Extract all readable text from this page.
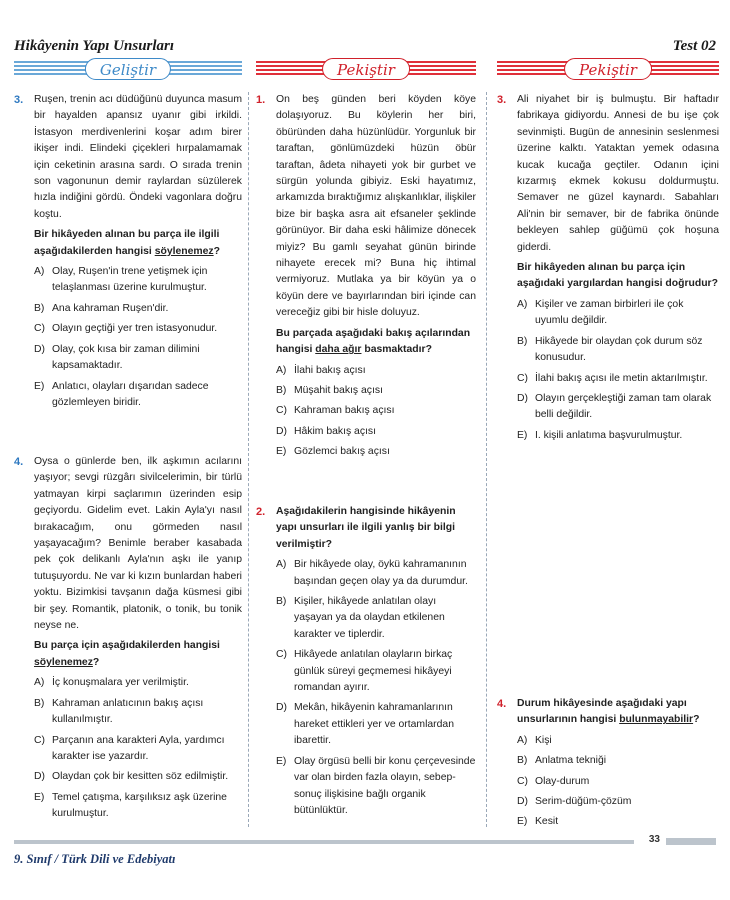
Hikâyenin Yapı Unsurları	Test 02
Geliştir	Pekiştir	Pekiştir
3. Ruşen, trenin acı düdüğünü duyunca masum bir hayalden apansız uyanır gibi irkildi. İstasyon merdivenlerini koşar adım birer ikişer indi. Elindeki çiçekleri hırpalamamak için ceketinin arasına sardı. O sırada trenin son vagonunun demir raylardan süzülerek hızla indiğini gördü. Öndeki vagonlara doğru koştu.
Bir hikâyeden alınan bu parça ile ilgili aşağıdakilerden hangisi söylenemez?
A) Olay, Ruşen'in trene yetişmek için telaşlanması üzerine kurulmuştur.
B) Ana kahraman Ruşen'dir.
C) Olayın geçtiği yer tren istasyonudur.
D) Olay, çok kısa bir zaman dilimini kapsamaktadır.
E) Anlatıcı, olayları dışarıdan sadece gözlemleyen biridir.
4. Oysa o günlerde ben, ilk aşkımın acılarını yaşıyor; sevgi rüzgârı sivilcelerimin, bir türlü yatmayan kirpi saçlarımın üzerinden esip geçiyordu. Gidelim evet. Lakin Ayla'yı nasıl bırakacağım, onu görmeden nasıl yaşayacağım? Benimle beraber kasabada pek çok delikanlı Ayla'nın aşkı ile yanıp tutuşuyordu. Ne var ki kızın bunlardan haberi yoktu. Bizimkisi tavşanın dağa küsmesi gibi bir şey. Romantik, platonik, o tonik, bu tonik neyse ne.
Bu parça için aşağıdakilerden hangisi söylenemez?
A) İç konuşmalara yer verilmiştir.
B) Kahraman anlatıcının bakış açısı kullanılmıştır.
C) Parçanın ana karakteri Ayla, yardımcı karakter ise yazardır.
D) Olaydan çok bir kesitten söz edilmiştir.
E) Temel çatışma, karşılıksız aşk üzerine kurulmuştur.
1. On beş günden beri köyden köye dolaşıyoruz. Bu köylerin her biri, öbüründen daha hüzünlüdür. Yorgunluk bir taraftan, gönlümüzdeki hüzün öbür taraftan, âdeta nihayeti yok bir gurbet ve sürgün yolunda gibiyiz. Eski hayatımız, arkamızda bıraktığımız alışkanlıklar, ilişkiler bize bir başka asra ait efsaneler şeklinde görünüyor. Bir daha eski hâlimize dönecek miyiz? Bu gamlı seyahat günün birinde nihayete erecek mi? Buna hiç ihtimal vermiyoruz. Mutlaka ya bir köyün ya o köyün dere ve bayırlarından biri içinde can vereceğiz gibi bir hisle doluyuz.
Bu parçada aşağıdaki bakış açılarından hangisi daha ağır basmaktadır?
A) İlahi bakış açısı
B) Müşahit bakış açısı
C) Kahraman bakış açısı
D) Hâkim bakış açısı
E) Gözlemci bakış açısı
2. Aşağıdakilerin hangisinde hikâyenin yapı unsurları ile ilgili yanlış bir bilgi verilmiştir?
A) Bir hikâyede olay, öykü kahramanının başından geçen olay ya da durumdur.
B) Kişiler, hikâyede anlatılan olayı yaşayan ya da olaydan etkilenen karakter ve tiplerdir.
C) Hikâyede anlatılan olayların birkaç günlük süreyi geçmemesi hikâyeyi romandan ayırır.
D) Mekân, hikâyenin kahramanlarının hareket ettikleri yer ve ortamlardan ibarettir.
E) Olay örgüsü belli bir konu çerçevesinde var olan birden fazla olayın, sebep-sonuç ilişkisine bağlı organik bütünlüktür.
3. Ali niyahet bir iş bulmuştu. Bir haftadır fabrikaya gidiyordu. Annesi de bu işe çok sevinmişti. Bugün de annesinin seslenmesi üzerine kalktı. Yataktan yemek odasına kucak kucağa geçtiler. Odanın içini kızarmış ekmek kokusu doldurmuştu. Semaver ne güzel kaynardı. Sabahları Ali'nin bir semaver, bir de fabrika önünde bekleyen sahlep güğümü çok hoşuna giderdi.
Bir hikâyeden alınan bu parça için aşağıdaki yargılardan hangisi doğrudur?
A) Kişiler ve zaman birbirleri ile çok uyumlu değildir.
B) Hikâyede bir olaydan çok durum söz konusudur.
C) İlahi bakış açısı ile metin aktarılmıştır.
D) Olayın gerçekleştiği zaman tam olarak belli değildir.
E) I. kişili anlatıma başvurulmuştur.
4. Durum hikâyesinde aşağıdaki yapı unsurlarının hangisi bulunmayabilir?
A) Kişi
B) Anlatma tekniği
C) Olay-durum
D) Serim-düğüm-çözüm
E) Kesit
33
9. Sınıf / Türk Dili ve Edebiyatı
